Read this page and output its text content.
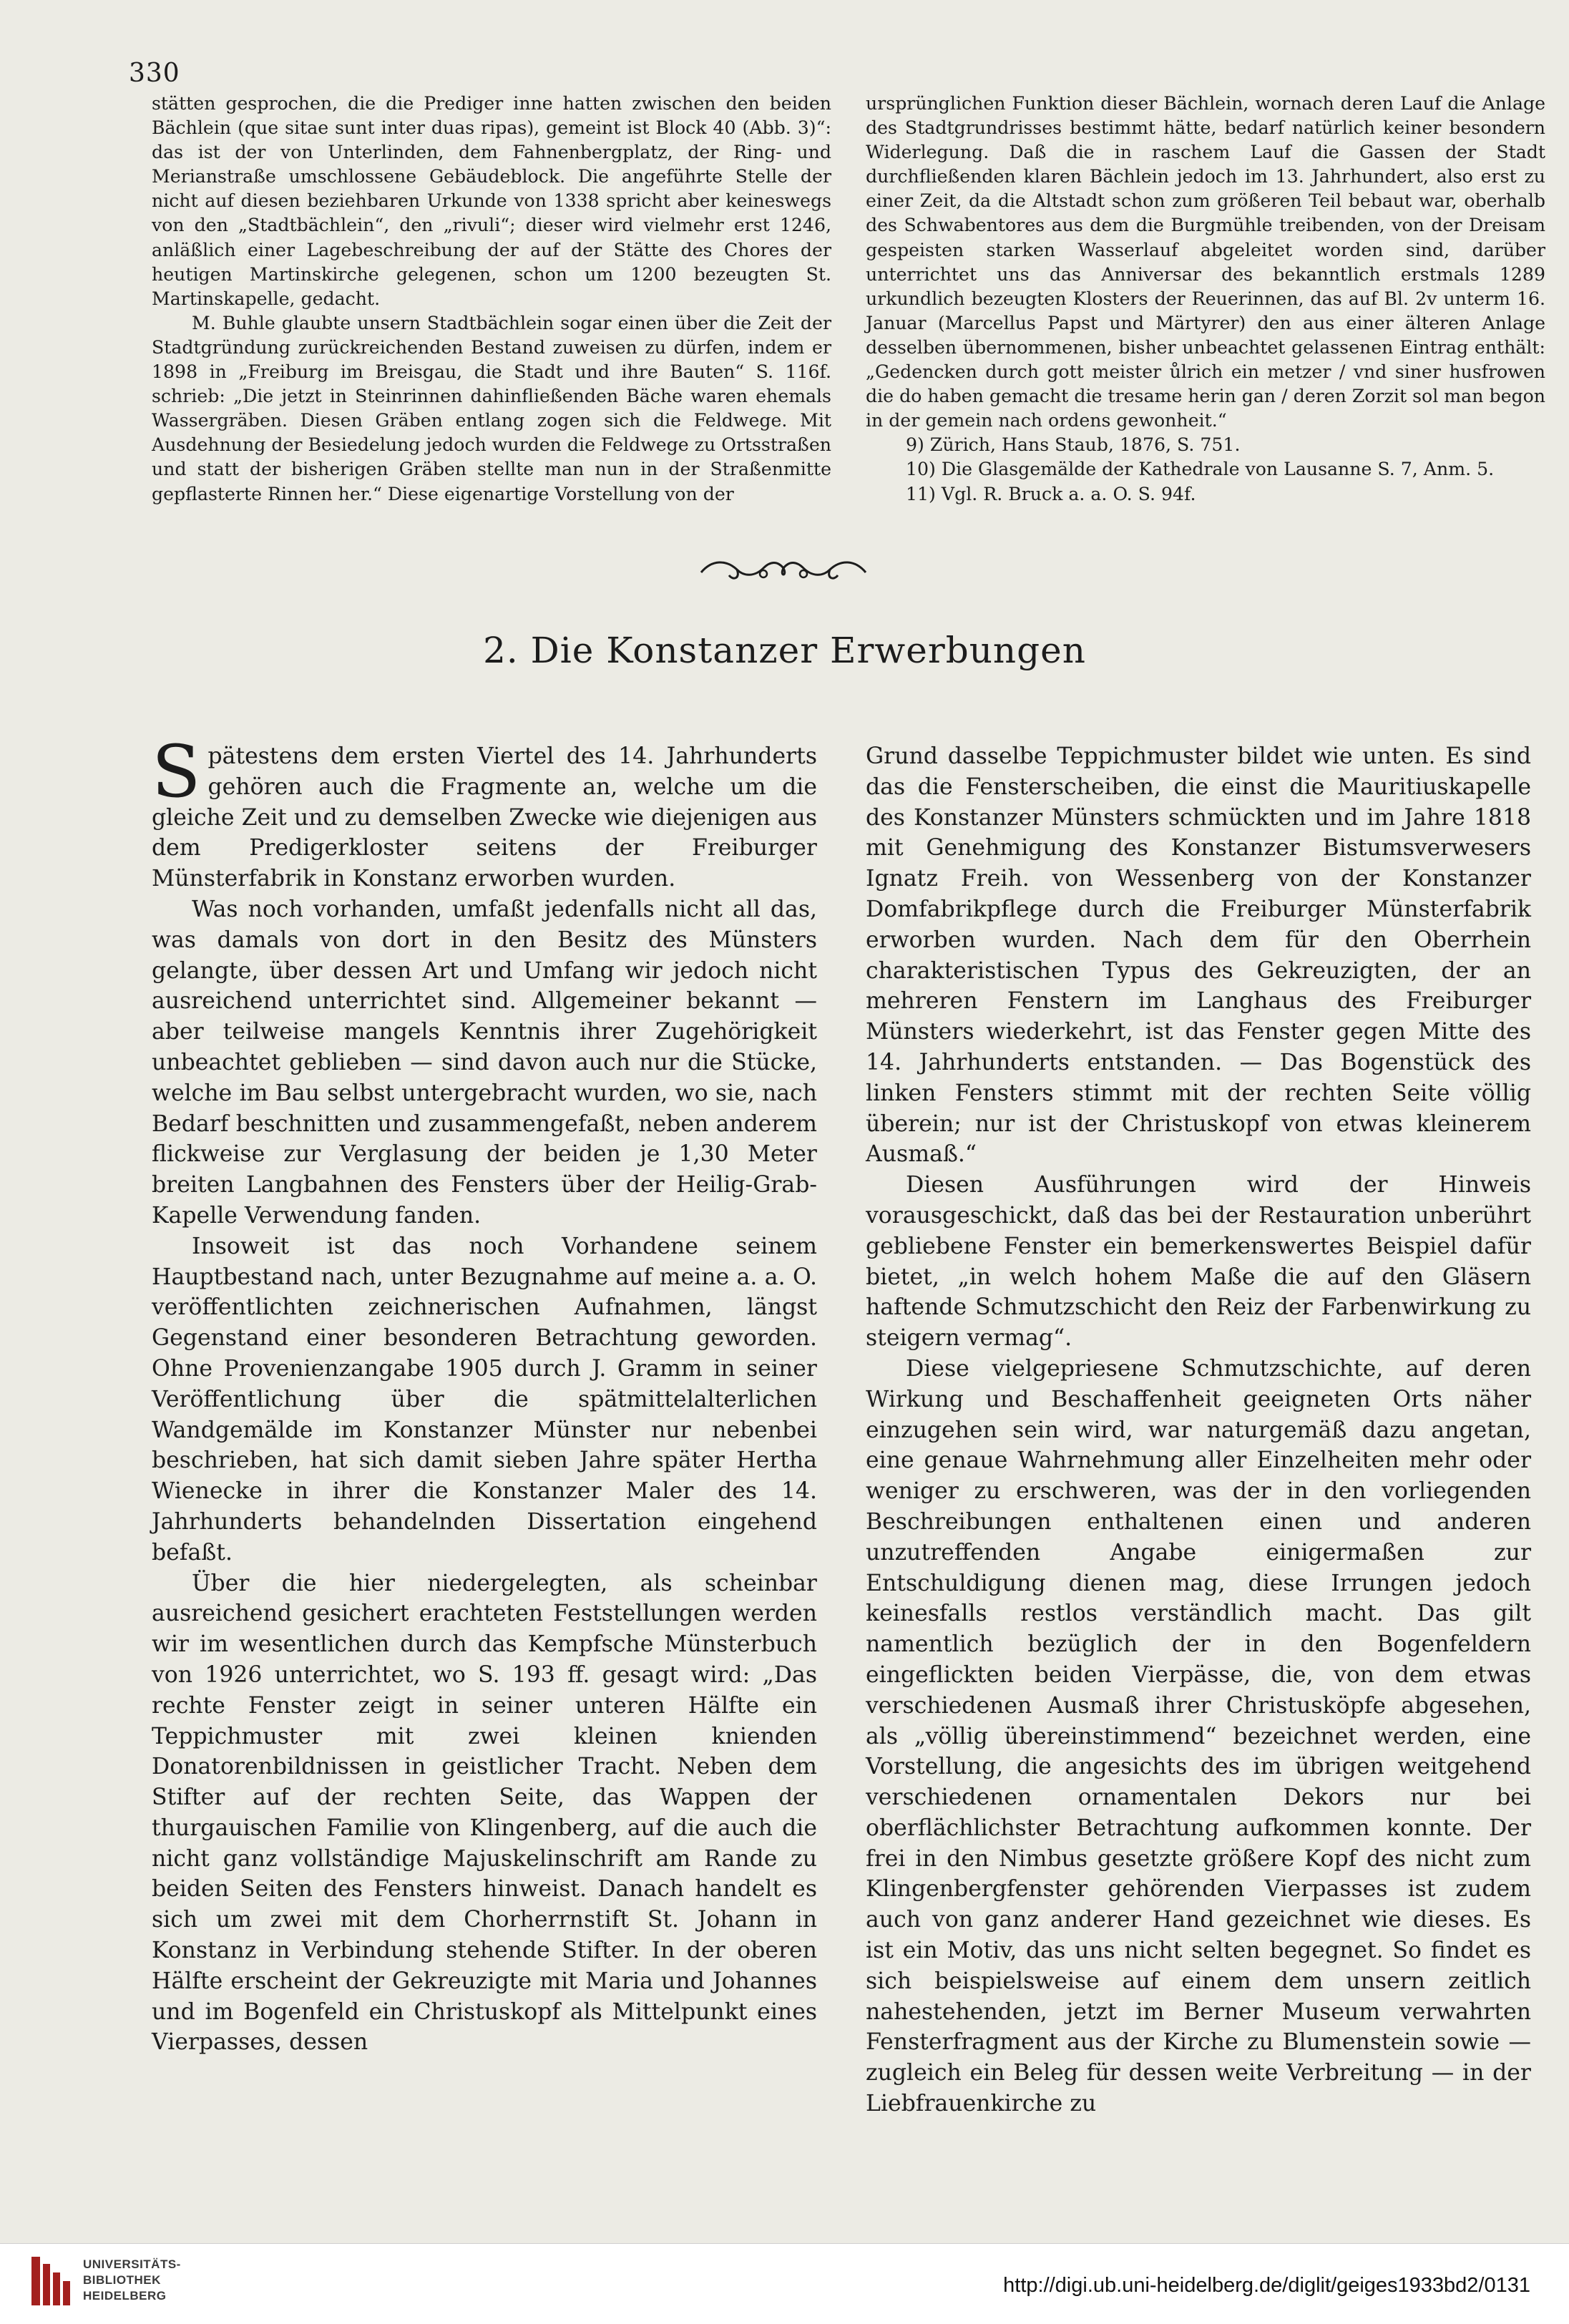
330

stätten gesprochen, die die Prediger inne hatten zwischen den beiden Bächlein (que sitae sunt inter duas ripas), gemeint ist Block 40 (Abb. 3)“: das ist der von Unterlinden, dem Fahnenbergplatz, der Ring- und Merianstraße umschlossene Gebäudeblock. Die angeführte Stelle der nicht auf diesen beziehbaren Urkunde von 1338 spricht aber keineswegs von den „Stadtbächlein“, den „rivuli“; dieser wird vielmehr erst 1246, anläßlich einer Lagebeschreibung der auf der Stätte des Chores der heutigen Martinskirche gelegenen, schon um 1200 bezeugten St. Martinskapelle, gedacht.

M. Buhle glaubte unsern Stadtbächlein sogar einen über die Zeit der Stadtgründung zurückreichenden Bestand zuweisen zu dürfen, indem er 1898 in „Freiburg im Breisgau, die Stadt und ihre Bauten“ S. 116f. schrieb: „Die jetzt in Steinrinnen dahinfließenden Bäche waren ehemals Wassergräben. Diesen Gräben entlang zogen sich die Feldwege. Mit Ausdehnung der Besiedelung jedoch wurden die Feldwege zu Ortsstraßen und statt der bisherigen Gräben stellte man nun in der Straßenmitte gepflasterte Rinnen her.“ Diese eigenartige Vorstellung von der

ursprünglichen Funktion dieser Bächlein, wornach deren Lauf die Anlage des Stadtgrundrisses bestimmt hätte, bedarf natürlich keiner besondern Widerlegung. Daß die in raschem Lauf die Gassen der Stadt durchfließenden klaren Bächlein jedoch im 13. Jahrhundert, also erst zu einer Zeit, da die Altstadt schon zum größeren Teil bebaut war, oberhalb des Schwabentores aus dem die Burgmühle treibenden, von der Dreisam gespeisten starken Wasserlauf abgeleitet worden sind, darüber unterrichtet uns das Anniversar des bekanntlich erstmals 1289 urkundlich bezeugten Klosters der Reuerinnen, das auf Bl. 2v unterm 16. Januar (Marcellus Papst und Märtyrer) den aus einer älteren Anlage desselben übernommenen, bisher unbeachtet gelassenen Eintrag enthält: „Gedencken durch gott meister ůlrich ein metzer / vnd siner husfrowen die do haben gemacht die tresame herin gan / deren Zorzit sol man begon in der gemein nach ordens gewonheit.“

9) Zürich, Hans Staub, 1876, S. 751.

10) Die Glasgemälde der Kathedrale von Lausanne S. 7, Anm. 5.

11) Vgl. R. Bruck a. a. O. S. 94f.

2. Die Konstanzer Erwerbungen

Spätestens dem ersten Viertel des 14. Jahrhunderts gehören auch die Fragmente an, welche um die gleiche Zeit und zu demselben Zwecke wie diejenigen aus dem Predigerkloster seitens der Freiburger Münsterfabrik in Konstanz erworben wurden.

Was noch vorhanden, umfaßt jedenfalls nicht all das, was damals von dort in den Besitz des Münsters gelangte, über dessen Art und Umfang wir jedoch nicht ausreichend unterrichtet sind. Allgemeiner bekannt — aber teilweise mangels Kenntnis ihrer Zugehörigkeit unbeachtet geblieben — sind davon auch nur die Stücke, welche im Bau selbst untergebracht wurden, wo sie, nach Bedarf beschnitten und zusammengefaßt, neben anderem flickweise zur Verglasung der beiden je 1,30 Meter breiten Langbahnen des Fensters über der Heilig-Grab-Kapelle Verwendung fanden.

Insoweit ist das noch Vorhandene seinem Hauptbestand nach, unter Bezugnahme auf meine a. a. O. veröffentlichten zeichnerischen Aufnahmen, längst Gegenstand einer besonderen Betrachtung geworden. Ohne Provenienzangabe 1905 durch J. Gramm in seiner Veröffentlichung über die spätmittelalterlichen Wandgemälde im Konstanzer Münster nur nebenbei beschrieben, hat sich damit sieben Jahre später Hertha Wienecke in ihrer die Konstanzer Maler des 14. Jahrhunderts behandelnden Dissertation eingehend befaßt.

Über die hier niedergelegten, als scheinbar ausreichend gesichert erachteten Feststellungen werden wir im wesentlichen durch das Kempfsche Münsterbuch von 1926 unterrichtet, wo S. 193 ff. gesagt wird: „Das rechte Fenster zeigt in seiner unteren Hälfte ein Teppichmuster mit zwei kleinen knienden Donatorenbildnissen in geistlicher Tracht. Neben dem Stifter auf der rechten Seite, das Wappen der thurgauischen Familie von Klingenberg, auf die auch die nicht ganz vollständige Majuskelinschrift am Rande zu beiden Seiten des Fensters hinweist. Danach handelt es sich um zwei mit dem Chorherrnstift St. Johann in Konstanz in Verbindung stehende Stifter. In der oberen Hälfte erscheint der Gekreuzigte mit Maria und Johannes und im Bogenfeld ein Christuskopf als Mittelpunkt eines Vierpasses, dessen

Grund dasselbe Teppichmuster bildet wie unten. Es sind das die Fensterscheiben, die einst die Mauritiuskapelle des Konstanzer Münsters schmückten und im Jahre 1818 mit Genehmigung des Konstanzer Bistumsverwesers Ignatz Freih. von Wessenberg von der Konstanzer Domfabrikpflege durch die Freiburger Münsterfabrik erworben wurden. Nach dem für den Oberrhein charakteristischen Typus des Gekreuzigten, der an mehreren Fenstern im Langhaus des Freiburger Münsters wiederkehrt, ist das Fenster gegen Mitte des 14. Jahrhunderts entstanden. — Das Bogenstück des linken Fensters stimmt mit der rechten Seite völlig überein; nur ist der Christuskopf von etwas kleinerem Ausmaß.“

Diesen Ausführungen wird der Hinweis vorausgeschickt, daß das bei der Restauration unberührt gebliebene Fenster ein bemerkenswertes Beispiel dafür bietet, „in welch hohem Maße die auf den Gläsern haftende Schmutzschicht den Reiz der Farbenwirkung zu steigern vermag“.

Diese vielgepriesene Schmutzschichte, auf deren Wirkung und Beschaffenheit geeigneten Orts näher einzugehen sein wird, war naturgemäß dazu angetan, eine genaue Wahrnehmung aller Einzelheiten mehr oder weniger zu erschweren, was der in den vorliegenden Beschreibungen enthaltenen einen und anderen unzutreffenden Angabe einigermaßen zur Entschuldigung dienen mag, diese Irrungen jedoch keinesfalls restlos verständlich macht. Das gilt namentlich bezüglich der in den Bogenfeldern eingeflickten beiden Vierpässe, die, von dem etwas verschiedenen Ausmaß ihrer Christusköpfe abgesehen, als „völlig übereinstimmend“ bezeichnet werden, eine Vorstellung, die angesichts des im übrigen weitgehend verschiedenen ornamentalen Dekors nur bei oberflächlichster Betrachtung aufkommen konnte. Der frei in den Nimbus gesetzte größere Kopf des nicht zum Klingenbergfenster gehörenden Vierpasses ist zudem auch von ganz anderer Hand gezeichnet wie dieses. Es ist ein Motiv, das uns nicht selten begegnet. So findet es sich beispielsweise auf einem dem unsern zeitlich nahestehenden, jetzt im Berner Museum verwahrten Fensterfragment aus der Kirche zu Blumenstein sowie — zugleich ein Beleg für dessen weite Verbreitung — in der Liebfrauenkirche zu

UNIVERSITÄTS-
BIBLIOTHEK
HEIDELBERG	http://digi.ub.uni-heidelberg.de/diglit/geiges1933bd2/0131
